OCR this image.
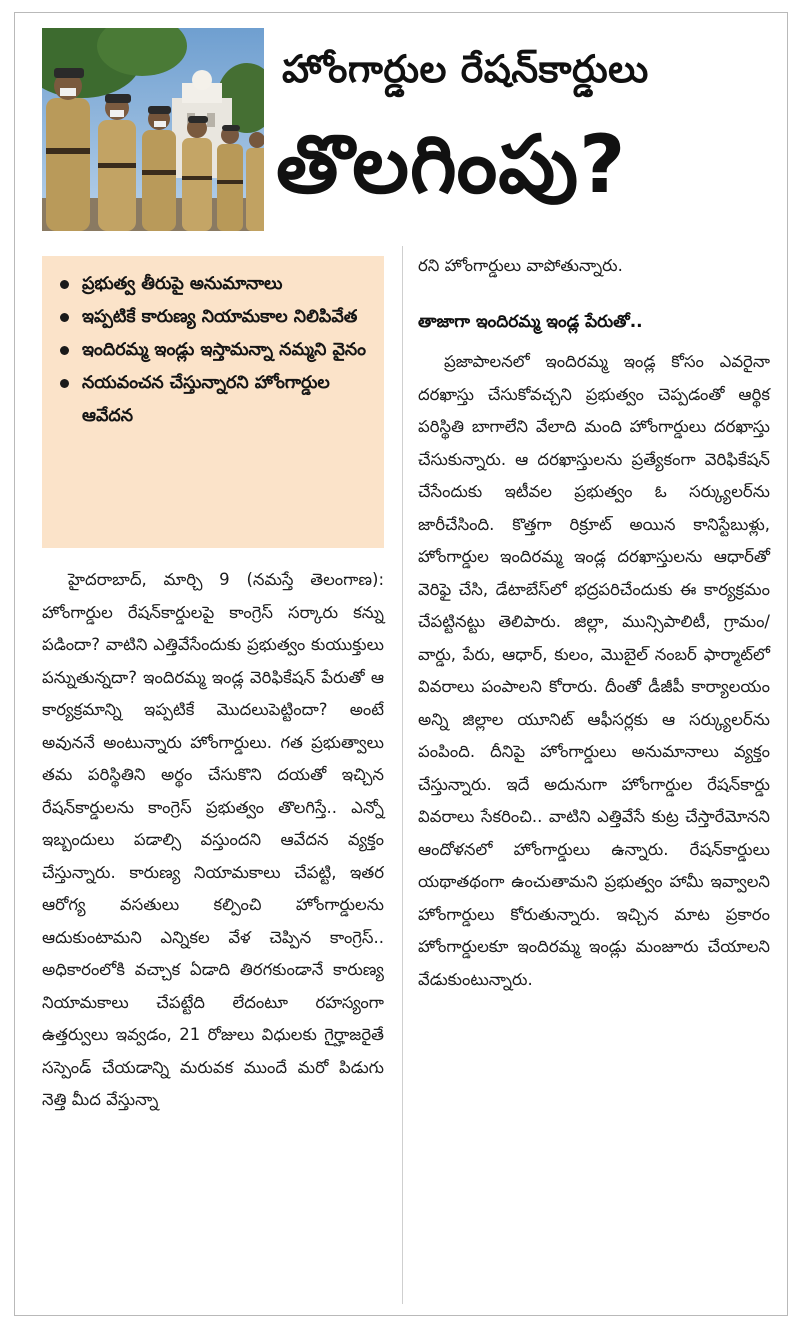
హోంగార్డుల రేషన్‌కార్డులు
తొలగింపు?
ప్రభుత్వ తీరుపై అనుమానాలు
ఇప్పటికే కారుణ్య నియామకాల నిలిపివేత
ఇందిరమ్మ ఇండ్లు ఇస్తామన్నా నమ్మని వైనం
నయవంచన చేస్తున్నారని హోంగార్డుల ఆవేదన

హైదరాబాద్‌, మార్చి 9 (నమస్తే తెలంగాణ): హోంగార్డుల రేషన్‌కార్డులపై కాంగ్రెస్‌ సర్కారు కన్ను పడిందా? వాటిని ఎత్తివేసేందుకు ప్రభుత్వం కుయుక్తులు పన్నుతున్నదా? ఇందిరమ్మ ఇండ్ల వెరిఫికేషన్‌ పేరుతో ఆ కార్యక్రమాన్ని ఇప్పటికే మొదలుపెట్టిందా? అంటే అవుననే అంటున్నారు హోంగార్డులు. గత ప్రభుత్వాలు తమ పరిస్థితిని అర్థం చేసుకొని దయతో ఇచ్చిన రేషన్‌కార్డులను కాంగ్రెస్‌ ప్రభుత్వం తొలగిస్తే.. ఎన్నో ఇబ్బందులు పడాల్సి వస్తుందని ఆవేదన వ్యక్తం చేస్తున్నారు. కారుణ్య నియామకాలు చేపట్టి, ఇతర ఆరోగ్య వసతులు కల్పించి హోంగార్డులను ఆదుకుంటామని ఎన్నికల వేళ చెప్పిన కాంగ్రెస్‌.. అధికారంలోకి వచ్చాక ఏడాది తిరగకుండానే కారుణ్య నియామకాలు చేపట్టేది లేదంటూ రహస్యంగా ఉత్తర్వులు ఇవ్వడం, 21 రోజులు విధులకు గైర్హాజరైతే సస్పెండ్‌ చేయడాన్ని మరువక ముందే మరో పిడుగు నెత్తి మీద వేస్తున్నా

రని హోంగార్డులు వాపోతున్నారు.

తాజాగా ఇందిరమ్మ ఇండ్ల పేరుతో..

ప్రజాపాలనలో ఇందిరమ్మ ఇండ్ల కోసం ఎవరైనా దరఖాస్తు చేసుకోవచ్చని ప్రభుత్వం చెప్పడంతో ఆర్థిక పరిస్థితి బాగాలేని వేలాది మంది హోంగార్డులు దరఖాస్తు చేసుకున్నారు. ఆ దరఖాస్తులను ప్రత్యేకంగా వెరిఫికేషన్‌ చేసేందుకు ఇటీవల ప్రభుత్వం ఓ సర్క్యులర్‌ను జారీచేసింది. కొత్తగా రిక్రూట్‌ అయిన కానిస్టేబుళ్లు, హోంగార్డుల ఇందిరమ్మ ఇండ్ల దరఖాస్తులను ఆధార్‌తో వెరిఫై చేసి, డేటాబేస్‌లో భద్రపరిచేందుకు ఈ కార్యక్రమం చేపట్టినట్టు తెలిపారు. జిల్లా, మున్సిపాలిటీ, గ్రామం/వార్డు, పేరు, ఆధార్‌, కులం, మొబైల్‌ నంబర్‌ ఫార్మాట్‌లో వివరాలు పంపాలని కోరారు. దీంతో డీజీపీ కార్యాలయం అన్ని జిల్లాల యూనిట్‌ ఆఫీసర్లకు ఆ సర్క్యులర్‌ను పంపింది. దీనిపై హోంగార్డులు అనుమానాలు వ్యక్తం చేస్తున్నారు. ఇదే అదునుగా హోంగార్డుల రేషన్‌కార్డు వివరాలు సేకరించి.. వాటిని ఎత్తివేసే కుట్ర చేస్తారేమోనని ఆందోళనలో హోంగార్డులు ఉన్నారు. రేషన్‌కార్డులు యథాతథంగా ఉంచుతామని ప్రభుత్వం హామీ ఇవ్వాలని హోంగార్డులు కోరుతున్నారు. ఇచ్చిన మాట ప్రకారం హోంగార్డులకూ ఇందిరమ్మ ఇండ్లు మంజూరు చేయాలని వేడుకుంటున్నారు.
